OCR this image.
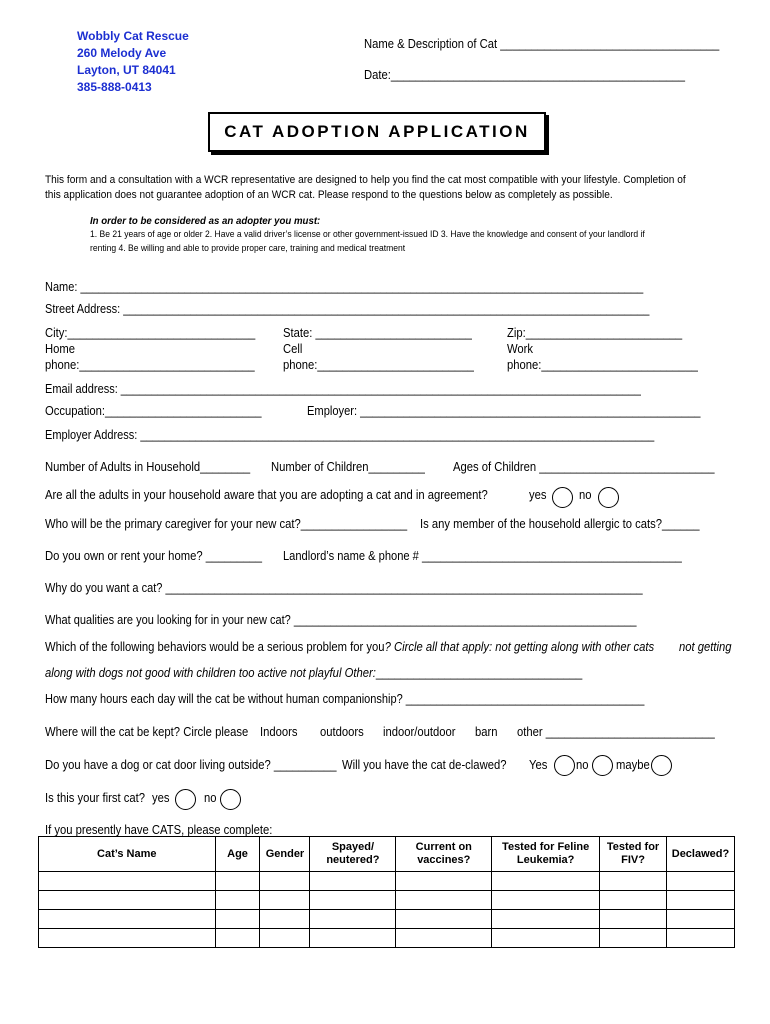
Wobbly Cat Rescue
260 Melody Ave
Layton, UT 84041
385-888-0413
Name & Description of Cat ___________________________________
Date:_______________________________________________
CAT ADOPTION APPLICATION
This form and a consultation with a WCR representative are designed to help you find the cat most compatible with your lifestyle. Completion of
this application does not guarantee adoption of an WCR cat. Please respond to the questions below as completely as possible.
In order to be considered as an adopter you must:
1. Be 21 years of age or older 2. Have a valid driver’s license or other government-issued ID 3. Have the knowledge and consent of your landlord if
renting 4. Be willing and able to provide proper care, training and medical treatment
Name: ____________________________________________________________________________________________
Street Address: ______________________________________________________________________________________
City:______________________________	State: _________________________	Zip:_________________________
Home
phone:____________________________
Cell
phone:_________________________
Work
phone:_________________________
Email address: _____________________________________________________________________________________
Occupation:_________________________	Employer: _______________________________________________________
Employer Address: ____________________________________________________________________________________
Number of Adults in Household________	Number of Children_________	Ages of Children ____________________________
Are all the adults in your household aware that you are adopting a cat and in agreement?	yes	no
Who will be the primary caregiver for your new cat?_________________	Is any member of the household allergic to cats?______
Do you own or rent your home? _________	Landlord’s name & phone # __________________________________________
Why do you want a cat? ______________________________________________________________________________
What qualities are you looking for in your new cat? ________________________________________________________
Which of the following behaviors would be a serious problem for you? Circle all that apply: not getting along with other cats	not getting
along with dogs not good with children too active not playful Other:_________________________________
How many hours each day will the cat be without human companionship? _______________________________________
Where will the cat be kept? Circle please Indoors	outdoors	indoor/outdoor	barn other ___________________________
Do you have a dog or cat door living outside? __________ Will you have the cat de-clawed?	Yes no maybe
Is this your first cat? yes	no
If you presently have CATS, please complete:
Cat’s Name	Age	Gender	Spayed/ neutered?	Current on vaccines?	Tested for Feline Leukemia?	Tested for FIV?	Declawed?
